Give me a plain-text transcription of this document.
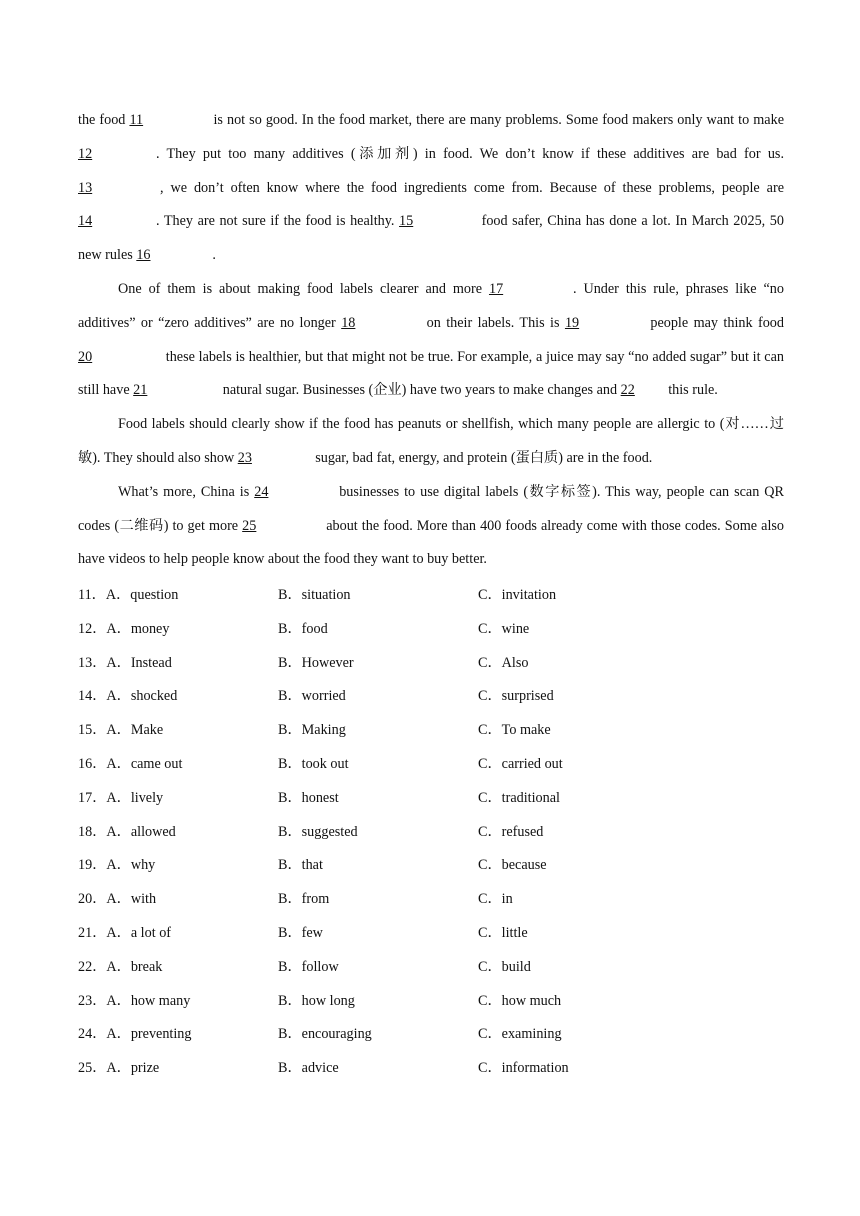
the food 11	is not so good. In the food market, there are many problems. Some food makers only want to make 12	. They put too many additives (添加剂) in food. We don’t know if these additives are bad for us. 13	, we don’t often know where the food ingredients come from. Because of these problems, people are 14	. They are not sure if the food is healthy. 15	food safer, China has done a lot. In March 2025, 50 new rules 16	.

One of them is about making food labels clearer and more 17	. Under this rule, phrases like “no additives” or “zero additives” are no longer 18	on their labels. This is 19	people may think food 20	these labels is healthier, but that might not be true. For example, a juice may say “no added sugar” but it can still have 21	natural sugar. Businesses (企业) have two years to make changes and 22 this rule.

Food labels should clearly show if the food has peanuts or shellfish, which many people are allergic to (对……过敏). They should also show 23	sugar, bad fat, energy, and protein (蛋白质) are in the food.

What’s more, China is 24	businesses to use digital labels (数字标签). This way, people can scan QR codes (二维码) to get more 25	about the food. More than 400 foods already come with those codes. Some also have videos to help people know about the food they want to buy better.

11．A．question	B．situation	C．invitation
12．A．money	B．food	C．wine
13．A．Instead	B．However	C．Also
14．A．shocked	B．worried	C．surprised
15．A．Make	B．Making	C．To make
16．A．came out	B．took out	C．carried out
17．A．lively	B．honest	C．traditional
18．A．allowed	B．suggested	C．refused
19．A．why	B．that	C．because
20．A．with	B．from	C．in
21．A．a lot of	B．few	C．little
22．A．break	B．follow	C．build
23．A．how many	B．how long	C．how much
24．A．preventing	B．encouraging	C．examining
25．A．prize	B．advice	C．information
